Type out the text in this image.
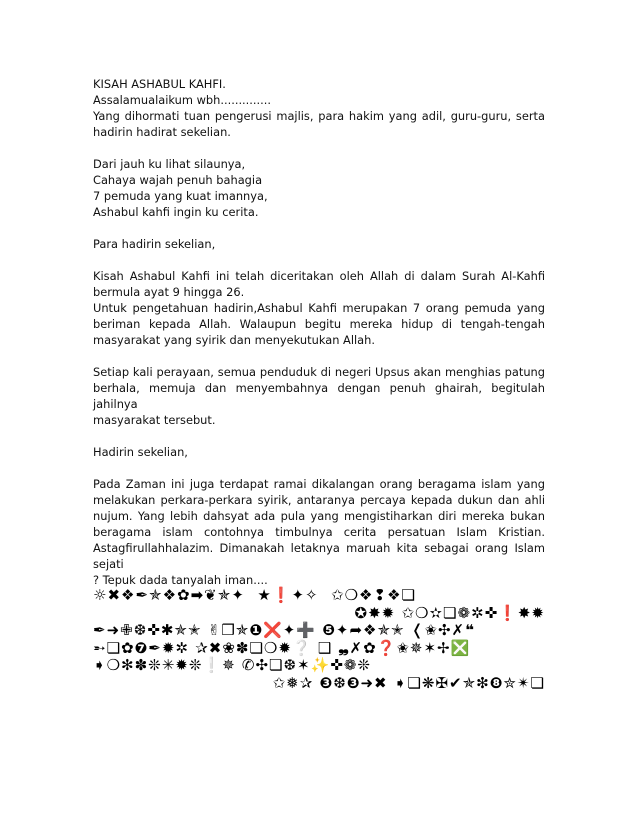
KISAH ASHABUL KAHFI.
Assalamualaikum wbh..............
Yang dihormati tuan pengerusi majlis, para hakim yang adil, guru-guru, serta
hadirin hadirat sekelian.
Dari jauh ku lihat silaunya,
Cahaya wajah penuh bahagia
7 pemuda yang kuat imannya,
Ashabul kahfi ingin ku cerita.
Para hadirin sekelian,
Kisah Ashabul Kahfi ini telah diceritakan oleh Allah di dalam Surah Al-Kahfi
bermula ayat 9 hingga 26.
Untuk pengetahuan hadirin,Ashabul Kahfi merupakan 7 orang pemuda yang
beriman kepada Allah. Walaupun begitu mereka hidup di tengah-tengah
masyarakat yang syirik dan menyekutukan Allah.
Setiap kali perayaan, semua penduduk di negeri Upsus akan menghias patung
berhala, memuja dan menyembahnya dengan penuh ghairah, begitulah jahilnya
masyarakat tersebut.
Hadirin sekelian,
Pada Zaman ini juga terdapat ramai dikalangan orang beragama islam yang
melakukan perkara-perkara syirik, antaranya percaya kepada dukun dan ahli
nujum. Yang lebih dahsyat ada pula yang mengistiharkan diri mereka bukan
beragama islam contohnya timbulnya cerita persatuan Islam Kristian.
Astagfirullahhalazim. Dimanakah letaknya maruah kita sebagai orang Islam sejati
? Tepuk dada tanyalah iman....
☼✖❖✒✯❖✿➡❦✯✦  ★❗✦✧  ✩❍❖❢❖❏
✪✸✹ ✩❍✫❏❁✲✜❗✸✹
✒➜✙❆✜✱✯✭ ✌❒✯❶❌✦➕ ❺✦➦❖✯✭ ❬✬✣✗❝
➵❏✿❼✒✹✲ ✰✖❀✽❏❍✹❔ ❑ ❠✗✿❓✬✵✶✢❎
➧❍✻✽❊✳✹❊❕✵ ✆✣❏❆✶✨✜❁❊
✩❅✰ ❸❆❸➜✖ ➧❏❋✠✔✯❇❽✮✴❏
